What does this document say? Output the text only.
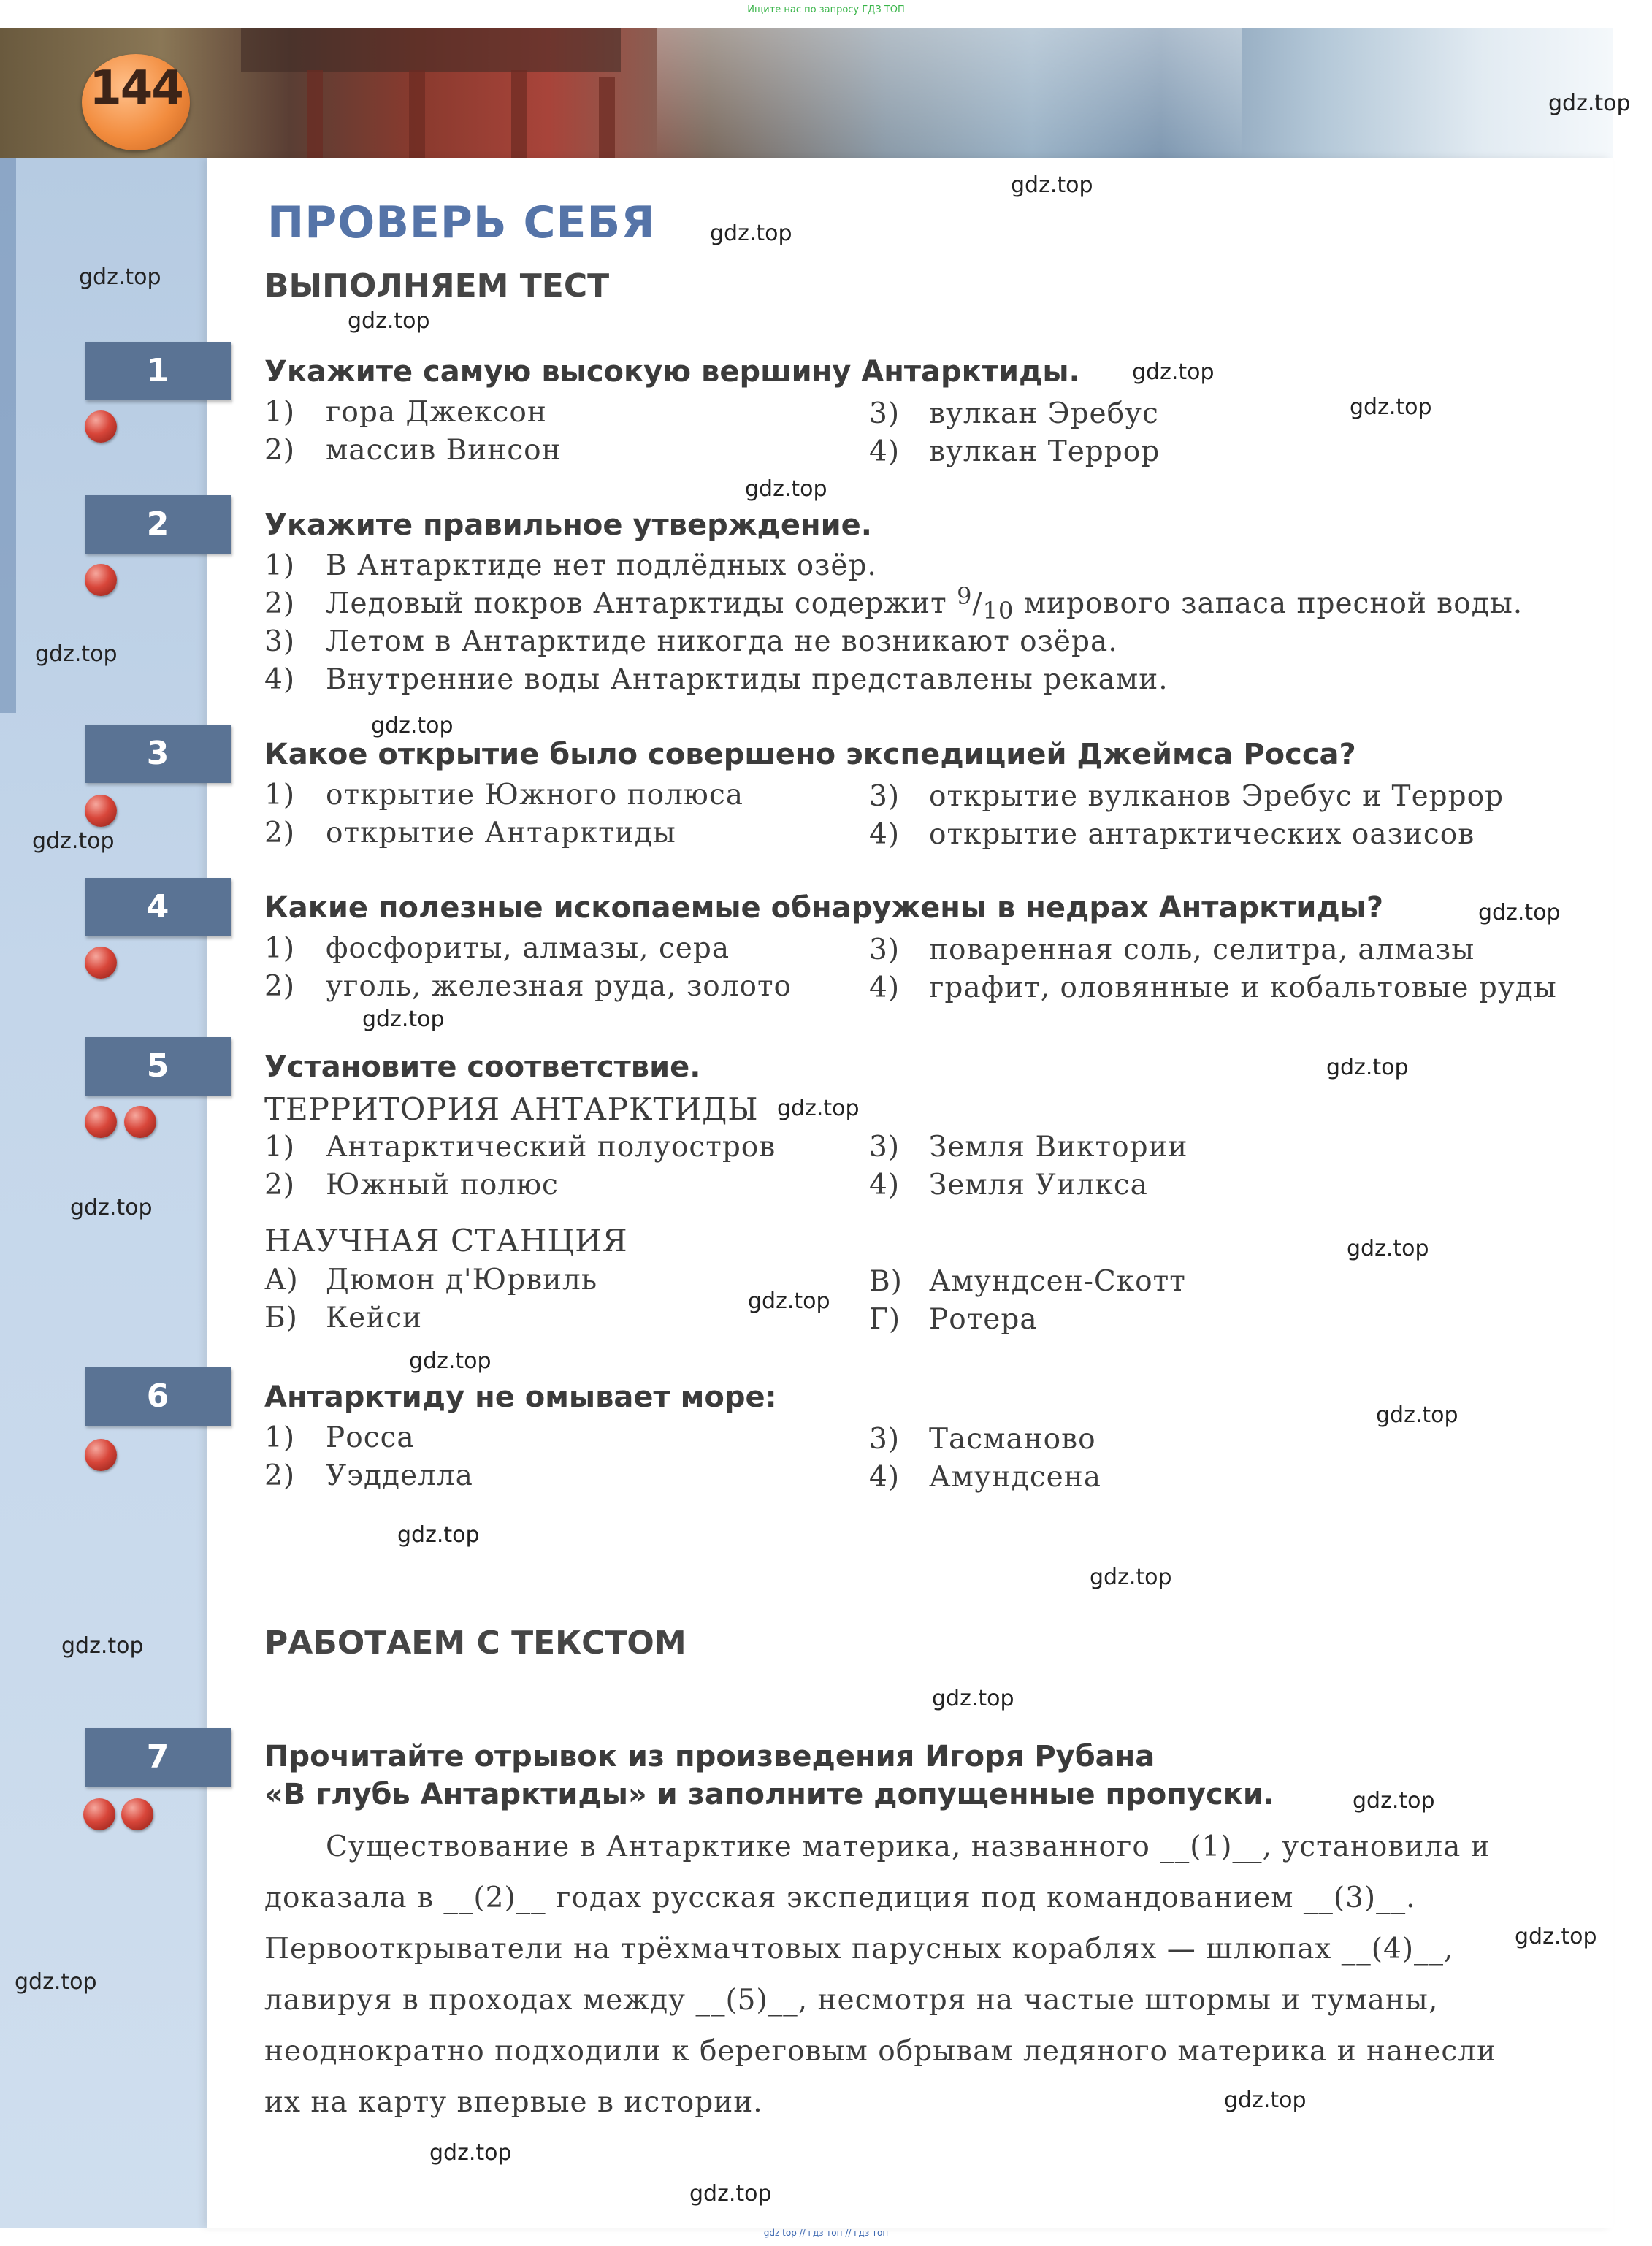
Ищите нас по запросу ГДЗ ТОП
144
ПРОВЕРЬ СЕБЯ
ВЫПОЛНЯЕМ ТЕСТ
1	Укажите самую высокую вершину Антарктиды.
1) гора Джексон
2) массив Винсон
3) вулкан Эребус
4) вулкан Террор
2	Укажите правильное утверждение.
1) В Антарктиде нет подлёдных озёр.
2) Ледовый покров Антарктиды содержит $^9/_{10}$ мирового запаса пресной воды.
3) Летом в Антарктиде никогда не возникают озёра.
4) Внутренние воды Антарктиды представлены реками.
3	Какое открытие было совершено экспедицией Джеймса Росса?
1) открытие Южного полюса
2) открытие Антарктиды
3) открытие вулканов Эребус и Террор
4) открытие антарктических оазисов
4	Какие полезные ископаемые обнаружены в недрах Антарктиды?
1) фосфориты, алмазы, сера
2) уголь, железная руда, золото
3) поваренная соль, селитра, алмазы
4) графит, оловянные и кобальтовые руды
5	Установите соответствие.
ТЕРРИТОРИЯ АНТАРКТИДЫ
1) Антарктический полуостров
2) Южный полюс
3) Земля Виктории
4) Земля Уилкса
НАУЧНАЯ СТАНЦИЯ
А) Дюмон д'Юрвиль
Б) Кейси
В) Амундсен-Скотт
Г) Ротера
6	Антарктиду не омывает море:
1) Росса
2) Уэдделла
3) Тасманово
4) Амундсена
РАБОТАЕМ С ТЕКСТОМ
7	Прочитайте отрывок из произведения Игоря Рубана
«В глубь Антарктиды» и заполните допущенные пропуски.
Существование в Антарктике материка, названного __(1)__, установила и
доказала в __(2)__ годах русская экспедиция под командованием __(3)__.
Первооткрыватели на трёхмачтовых парусных кораблях — шлюпах __(4)__,
лавируя в проходах между __(5)__, несмотря на частые штормы и туманы,
неоднократно подходили к береговым обрывам ледяного материка и нанесли
их на карту впервые в истории.
gdz.top
gdz.top
gdz.top
gdz.top
gdz.top
gdz.top
gdz.top
gdz.top
gdz.top
gdz.top
gdz.top
gdz.top
gdz.top
gdz.top
gdz.top
gdz.top
gdz.top
gdz.top
gdz.top
gdz.top
gdz.top
gdz.top
gdz.top
gdz.top
gdz.top
gdz.top
gdz.top
gdz.top
gdz.top
gdz.top
gdz top // гдз топ // гдз топ
